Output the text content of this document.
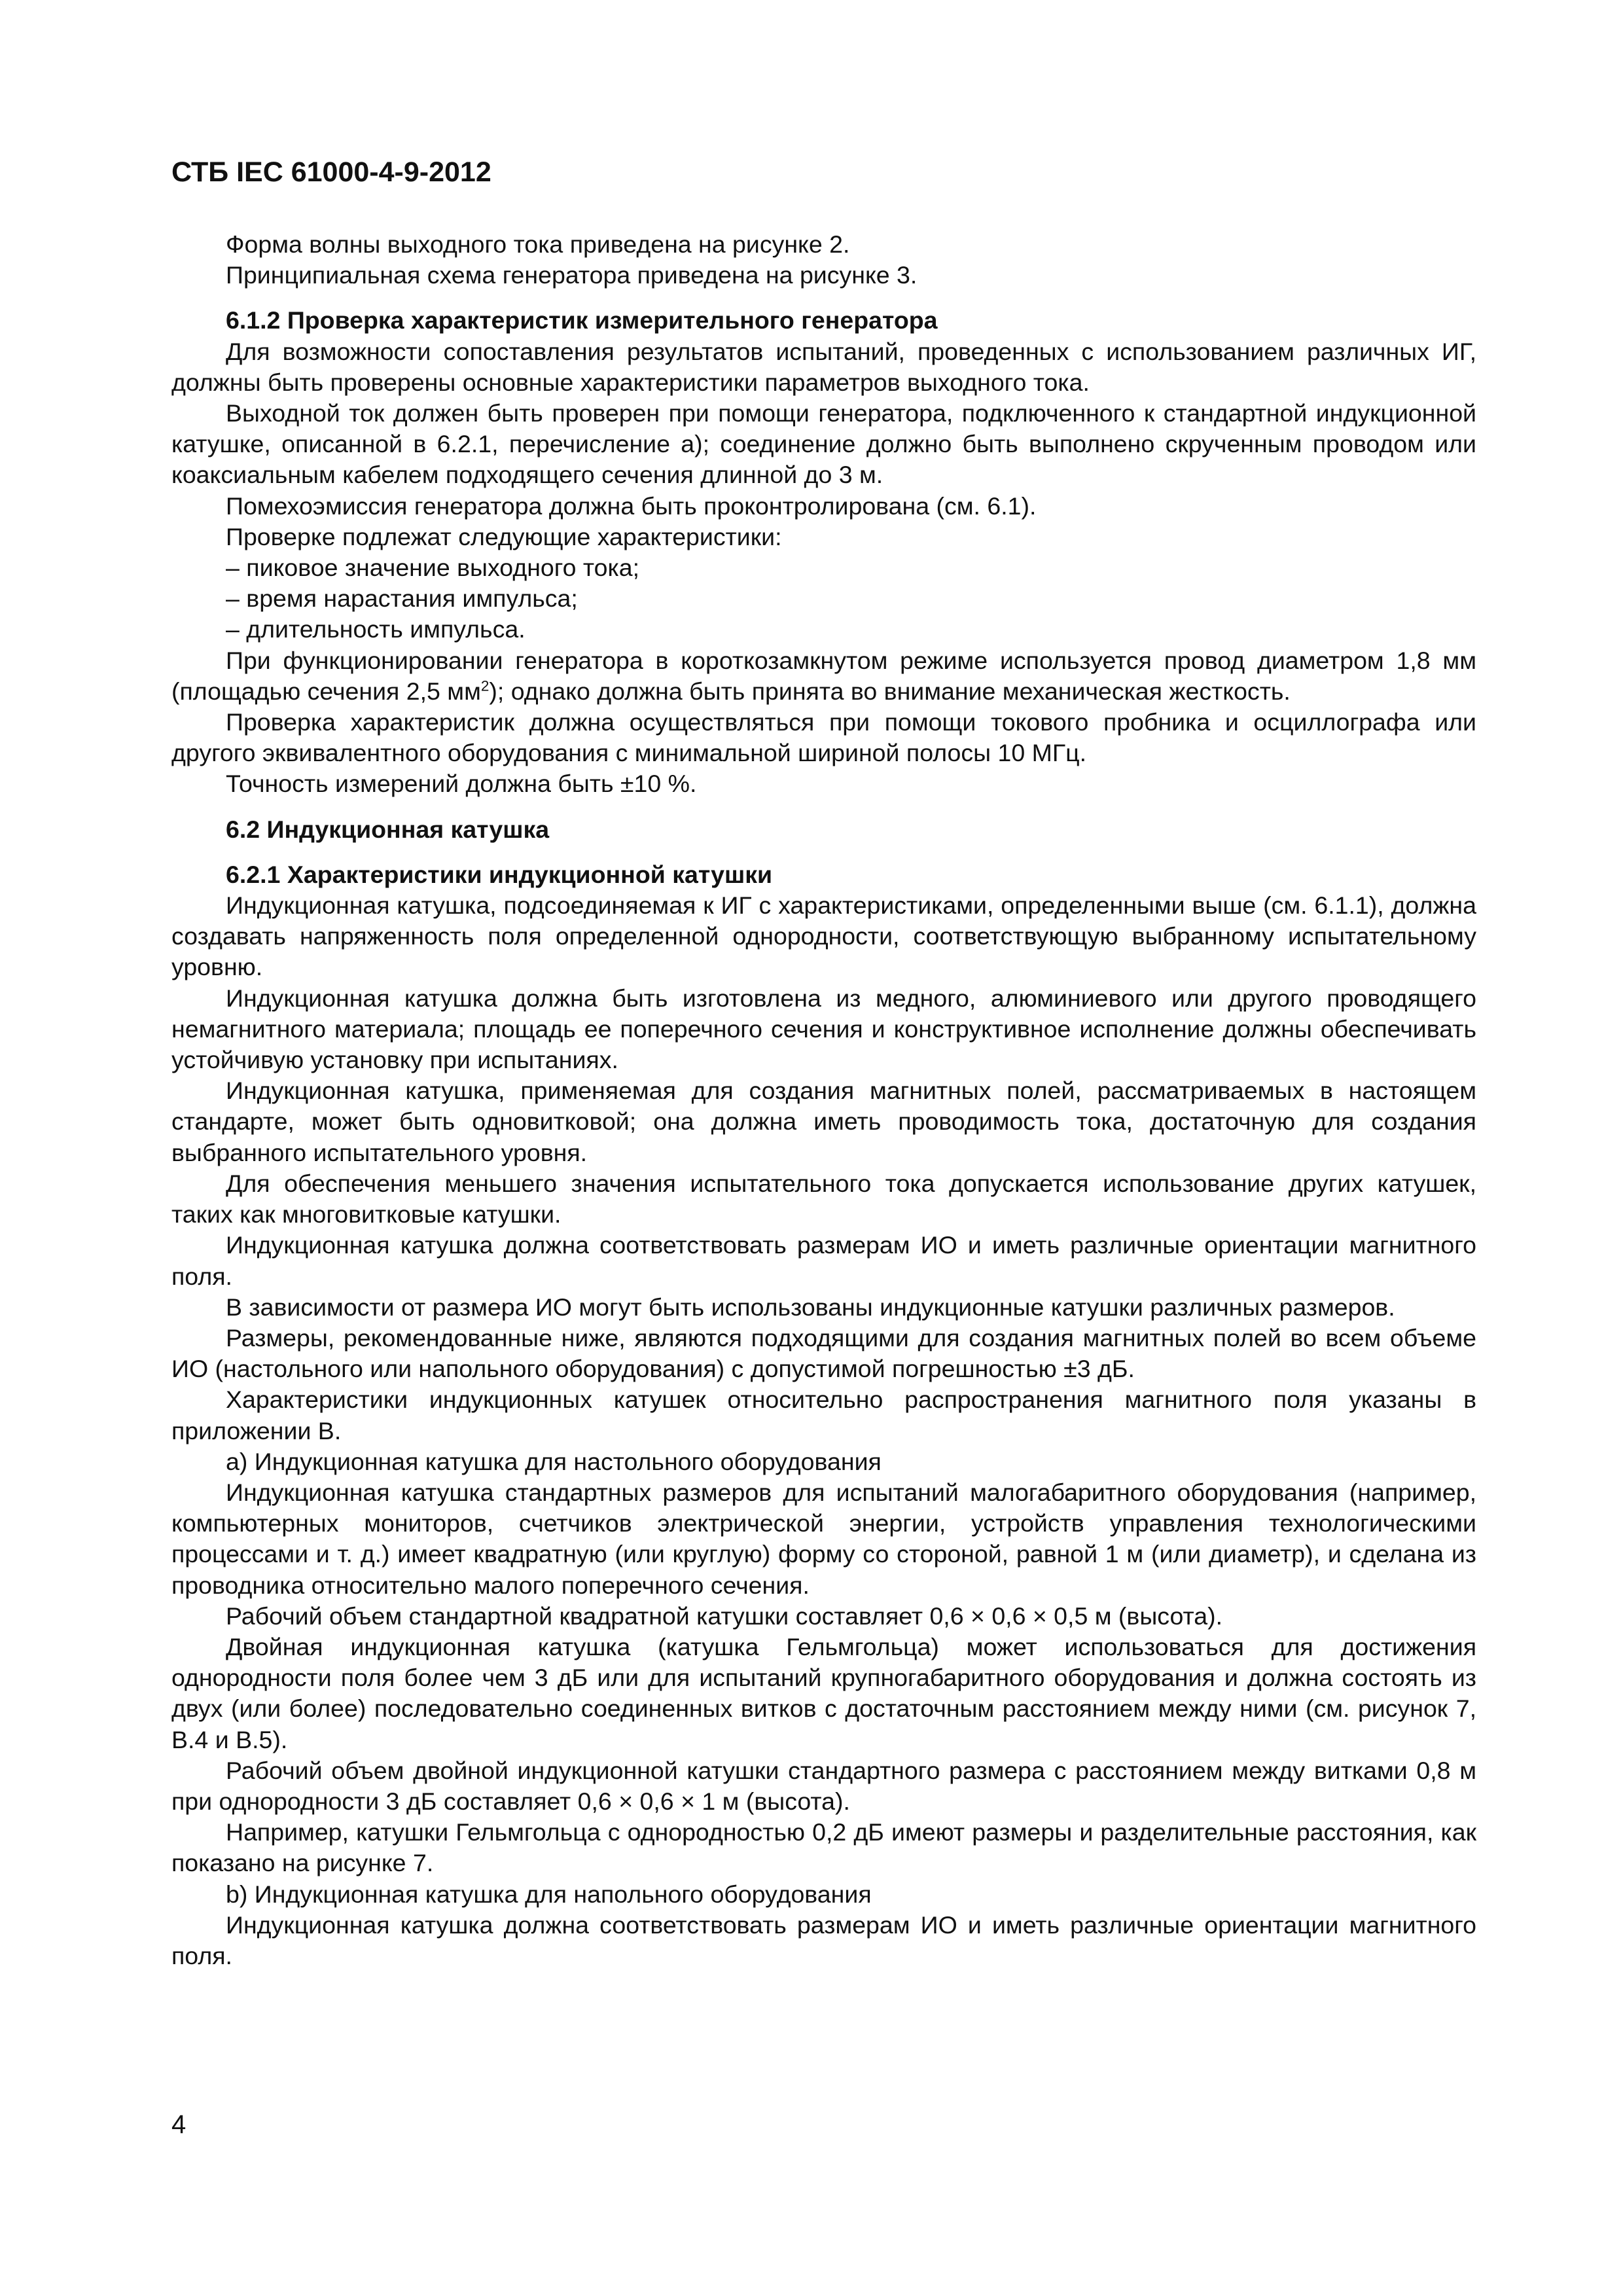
СТБ IEC 61000-4-9-2012

Форма волны выходного тока приведена на рисунке 2.

Принципиальная схема генератора приведена на рисунке 3.

6.1.2 Проверка характеристик измерительного генератора

Для возможности сопоставления результатов испытаний, проведенных с использованием различных ИГ, должны быть проверены основные характеристики параметров выходного тока.

Выходной ток должен быть проверен при помощи генератора, подключенного к стандартной индукционной катушке, описанной в 6.2.1, перечисление а); соединение должно быть выполнено скрученным проводом или коаксиальным кабелем подходящего сечения длинной до 3 м.

Помехоэмиссия генератора должна быть проконтролирована (см. 6.1).

Проверке подлежат следующие характеристики:

– пиковое значение выходного тока;

– время нарастания импульса;

– длительность импульса.

При функционировании генератора в короткозамкнутом режиме используется провод диаметром 1,8 мм (площадью сечения 2,5 $мм^2$); однако должна быть принята во внимание механическая жесткость.

Проверка характеристик должна осуществляться при помощи токового пробника и осциллографа или другого эквивалентного оборудования с минимальной шириной полосы 10 МГц.

Точность измерений должна быть ±10 %.

6.2 Индукционная катушка
6.2.1 Характеристики индукционной катушки

Индукционная катушка, подсоединяемая к ИГ с характеристиками, определенными выше (см. 6.1.1), должна создавать напряженность поля определенной однородности, соответствующую выбранному испытательному уровню.

Индукционная катушка должна быть изготовлена из медного, алюминиевого или другого проводящего немагнитного материала; площадь ее поперечного сечения и конструктивное исполнение должны обеспечивать устойчивую установку при испытаниях.

Индукционная катушка, применяемая для создания магнитных полей, рассматриваемых в настоящем стандарте, может быть одновитковой; она должна иметь проводимость тока, достаточную для создания выбранного испытательного уровня.

Для обеспечения меньшего значения испытательного тока допускается использование других катушек, таких как многовитковые катушки.

Индукционная катушка должна соответствовать размерам ИО и иметь различные ориентации магнитного поля.

В зависимости от размера ИО могут быть использованы индукционные катушки различных размеров.

Размеры, рекомендованные ниже, являются подходящими для создания магнитных полей во всем объеме ИО (настольного или напольного оборудования) с допустимой погрешностью ±3 дБ.

Характеристики индукционных катушек относительно распространения магнитного поля указаны в приложении В.

a) Индукционная катушка для настольного оборудования

Индукционная катушка стандартных размеров для испытаний малогабаритного оборудования (например, компьютерных мониторов, счетчиков электрической энергии, устройств управления технологическими процессами и т. д.) имеет квадратную (или круглую) форму со стороной, равной 1 м (или диаметр), и сделана из проводника относительно малого поперечного сечения.

Рабочий объем стандартной квадратной катушки составляет 0,6 × 0,6 × 0,5 м (высота).

Двойная индукционная катушка (катушка Гельмгольца) может использоваться для достижения однородности поля более чем 3 дБ или для испытаний крупногабаритного оборудования и должна состоять из двух (или более) последовательно соединенных витков с достаточным расстоянием между ними (см. рисунок 7, В.4 и В.5).

Рабочий объем двойной индукционной катушки стандартного размера с расстоянием между витками 0,8 м при однородности 3 дБ составляет 0,6 × 0,6 × 1 м (высота).

Например, катушки Гельмгольца с однородностью 0,2 дБ имеют размеры и разделительные расстояния, как показано на рисунке 7.

b) Индукционная катушка для напольного оборудования

Индукционная катушка должна соответствовать размерам ИО и иметь различные ориентации магнитного поля.

4
